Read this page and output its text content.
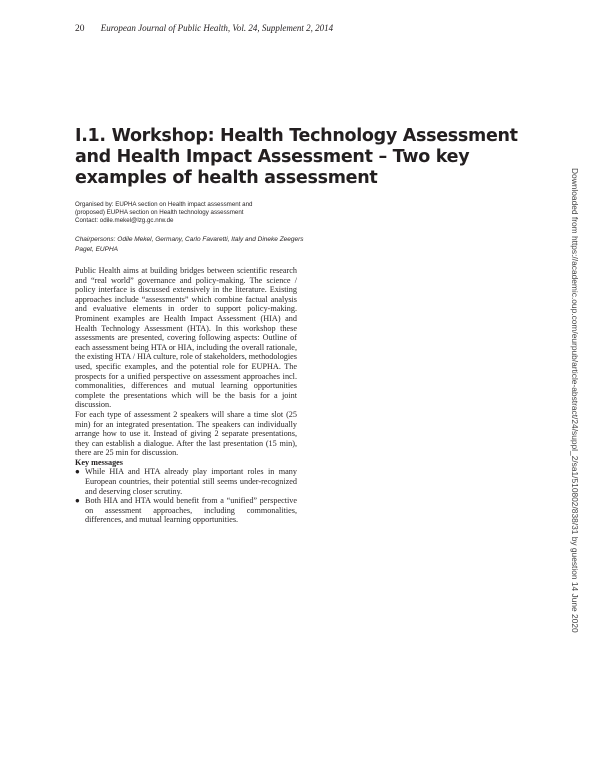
20 European Journal of Public Health, Vol. 24, Supplement 2, 2014
I.1. Workshop: Health Technology Assessment and Health Impact Assessment – Two key examples of health assessment
Organised by: EUPHA section on Health impact assessment and
(proposed) EUPHA section on Health technology assessment
Contact: odile.mekel@lzg.gc.nrw.de
Chairpersons: Odile Mekel, Germany, Carlo Favaretti, Italy and Dineke Zeegers Paget, EUPHA

Public Health aims at building bridges between scientific research and “real world” governance and policy-making. The science / policy interface is discussed extensively in the literature. Existing approaches include “assessments” which combine factual analysis and evaluative elements in order to support policy-making. Prominent examples are Health Impact Assessment (HIA) and Health Technology Assessment (HTA). In this workshop these assessments are presented, covering following aspects: Outline of each assessment being HTA or HIA, including the overall rationale, the existing HTA / HIA culture, role of stakeholders, methodologies used, specific examples, and the potential role for EUPHA. The prospects for a unified perspective on assessment approaches incl. commonalities, differences and mutual learning opportunities complete the presentations which will be the basis for a joint discussion.

For each type of assessment 2 speakers will share a time slot (25 min) for an integrated presentation. The speakers can individually arrange how to use it. Instead of giving 2 separate presentations, they can establish a dialogue. After the last presentation (15 min), there are 25 min for discussion.

Key messages

● While HIA and HTA already play important roles in many European countries, their potential still seems under-recognized and deserving closer scrutiny.
● Both HIA and HTA would benefit from a “unified” perspective on assessment approaches, including commonalities, differences, and mutual learning opportunities.	Downloaded from https://academic.oup.com/eurpub/article-abstract/24/suppl_2/sa1/510802/838/31 by guestion 14 June 2020
